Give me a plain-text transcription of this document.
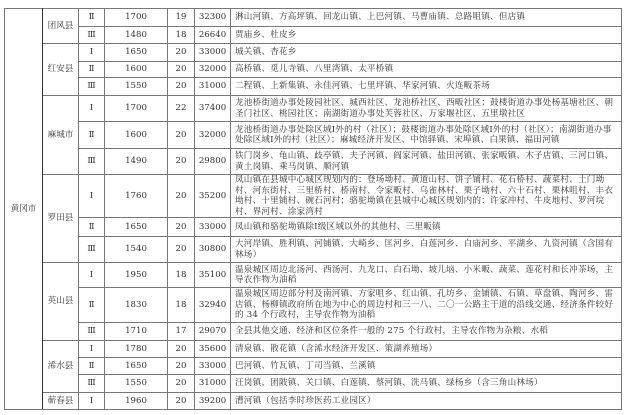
黄冈市	团风县	Ⅱ	1700	19	32300	淋山河镇、方高坪镇、回龙山镇、上巴河镇、马曹庙镇、总路咀镇、但店镇
		Ⅲ	1480	18	26640	贾庙乡、杜皮乡
	红安县	Ⅰ	1650	20	33000	城关镇、杏花乡
		Ⅱ	1600	20	32000	高桥镇、觅儿寺镇、八里湾镇、太平桥镇
		Ⅲ	1550	20	31000	二程镇、上新集镇、永佳河镇、七里坪镇、华家河镇、火连畈茶场
	麻城市	Ⅰ	1700	22	37400	龙池桥街道办事处陵园社区、城西社区、龙池桥社区、西畈社区；鼓楼街道办事处杨基塘社区、朝圣门社区、桃园社区；南湖街道办事处芙蓉社区、万家堰社区、五里墩社区
		Ⅱ	1600	20	32000	龙池桥街道办事处除区域Ⅰ外的村（社区）；鼓楼街道办事处除区域Ⅰ外的村（社区）；南湖街道办事处除区域Ⅰ外的村（社区）；麻城经济开发区、中馆驿镇、宋埠镇、白果镇、福田河镇
		Ⅲ	1490	20	29800	铁门岗乡、龟山镇、歧亭镇、夫子河镇、阎家河镇、盐田河镇、张家畈镇、木子店镇、三河口镇、黄土岗镇、乘马岗镇、顺河镇
	罗田县	Ⅰ	1760	20	35200	凤山镇在县城中心城区规划内的：登场坳村、黄道山村、饼子铺村、花石桥村、蔬菜村、土门坳村、河东街村、三里桥村、桥南村、令家畈村、乌雀林村、栗子坳村、六十石村、栗林咀村、丰衣坳村、十里铺村、碗石河村；骆驼坳镇在县城中心城区规划内的：许家冲村、牛皮地村、罗河垸村、界河村、涂家湾村
		Ⅱ	1650	20	33000	凤山镇和骆驼坳镇除Ⅰ级区域以外的其他村、三里畈镇
		Ⅲ	1540	20	30800	大河岸镇、胜利镇、河铺镇、大崎乡、匡河乡、白莲河乡、白庙河乡、平湖乡、九资河镇（含国有林场）
	英山县	Ⅰ	1950	18	35100	温泉城区周边北汤河、西汤河、九龙口、白石坳、坡儿垴、小米畈、蔬菜、莲花村和长冲茶场，主导农作物为油稻
		Ⅱ	1830	18	32940	温泉城区周边部分村及南河镇、方家咀乡、红山镇、孔坊乡、金铺镇、石镇、草盘镇、陶河乡、雷店镇、杨柳镇政府所在地为中心的周边村和三一八、二〇一公路主干道的沿线交通、经济条件较好的 34 个行政村，主导农作物为油稻
		Ⅲ	1710	17	29070	全县其他交通、经济和区位条件一般的 275 个行政村，主导农作物为杂粮、水稻
	浠水县	Ⅰ	1780	20	35600	清泉镇、散花镇（含浠水经济开发区、策湖养殖场）
		Ⅱ	1650	20	33000	巴河镇、竹瓦镇、丁司当镇、兰溪镇
		Ⅲ	1550	20	31000	汪岗镇、团陂镇、关口镇、白莲镇、蔡河镇、洗马镇、绿杨乡（含三角山林场）
	蕲春县	Ⅰ	1960	20	39200	漕河镇（包括李时珍医药工业园区）
